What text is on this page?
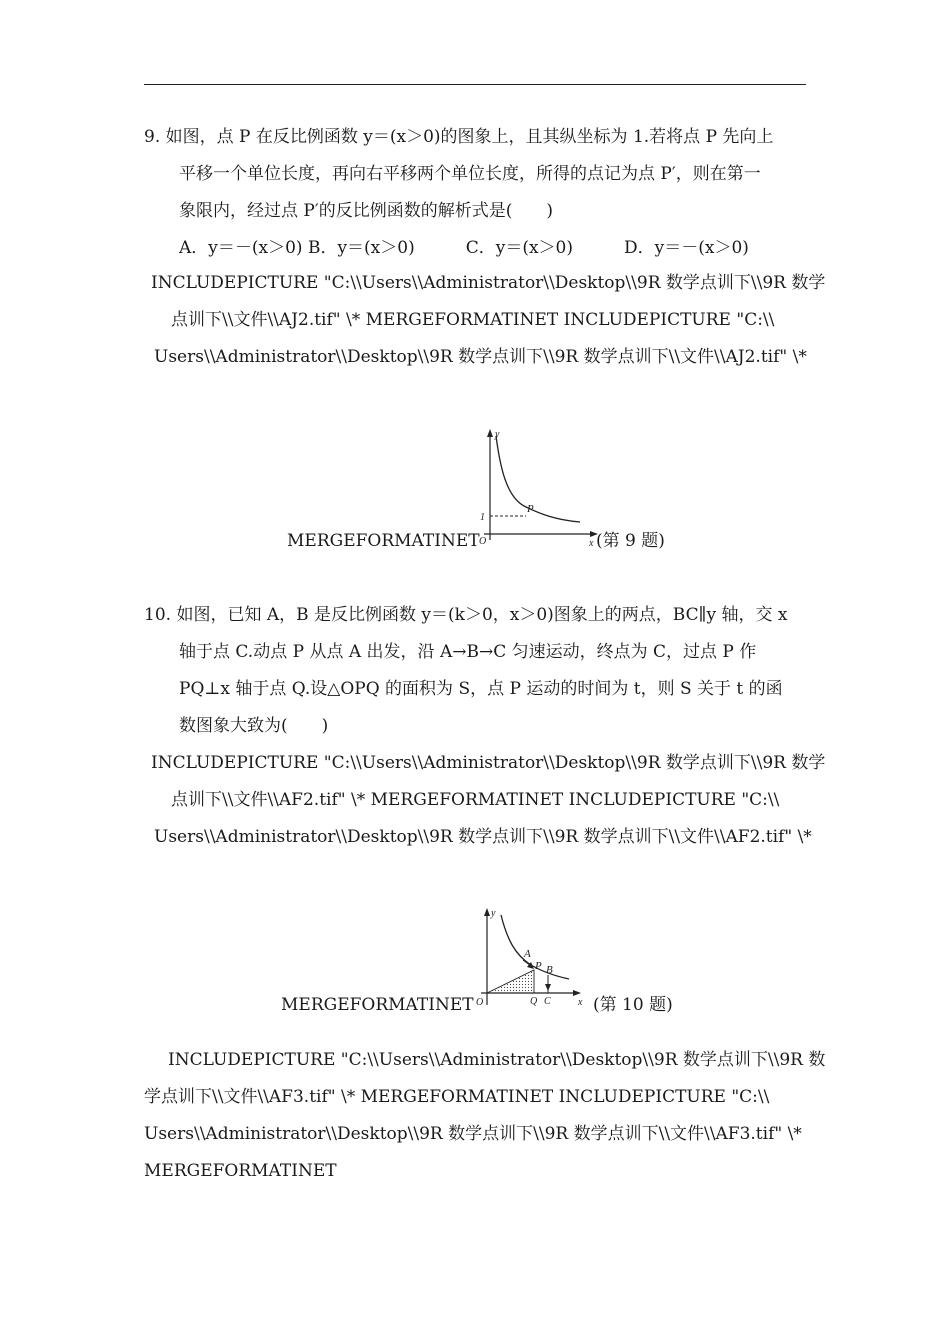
9. 如图，点 P 在反比例函数 y＝(x＞0)的图象上，且其纵坐标为 1.若将点 P 先向上
平移一个单位长度，再向右平移两个单位长度，所得的点记为点 P′，则在第一
象限内，经过点 P′的反比例函数的解析式是(　　)
A．y＝－(x＞0) B．y＝(x＞0)　　　C．y＝(x＞0)　　　D．y＝－(x＞0)
INCLUDEPICTURE "C:\\Users\\Administrator\\Desktop\\9R 数学点训下\\9R 数学
点训下\\文件\\AJ2.tif" \* MERGEFORMATINET INCLUDEPICTURE "C:\\
Users\\Administrator\\Desktop\\9R 数学点训下\\9R 数学点训下\\文件\\AJ2.tif" \*
MERGEFORMATINET
y
1
P
O	x (第 9 题)
10. 如图，已知 A，B 是反比例函数 y＝(k＞0，x＞0)图象上的两点，BC∥y 轴，交 x
轴于点 C.动点 P 从点 A 出发，沿 A→B→C 匀速运动，终点为 C，过点 P 作
PQ⊥x 轴于点 Q.设△OPQ 的面积为 S，点 P 运动的时间为 t，则 S 关于 t 的函
数图象大致为(　　)
INCLUDEPICTURE "C:\\Users\\Administrator\\Desktop\\9R 数学点训下\\9R 数学
点训下\\文件\\AF2.tif" \* MERGEFORMATINET INCLUDEPICTURE "C:\\
Users\\Administrator\\Desktop\\9R 数学点训下\\9R 数学点训下\\文件\\AF2.tif" \*
MERGEFORMATINET
y
A
P B
O	Q C	x (第 10 题)
INCLUDEPICTURE "C:\\Users\\Administrator\\Desktop\\9R 数学点训下\\9R 数
学点训下\\文件\\AF3.tif" \* MERGEFORMATINET INCLUDEPICTURE "C:\\
Users\\Administrator\\Desktop\\9R 数学点训下\\9R 数学点训下\\文件\\AF3.tif" \*
MERGEFORMATINET
